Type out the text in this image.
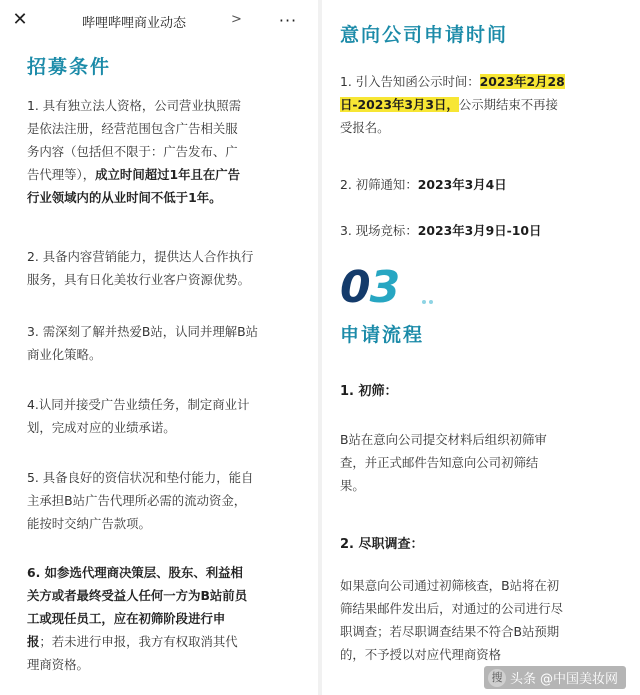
✕	哔哩哔哩商业动态	> ···
招募条件
1. 具有独立法人资格，公司营业执照需
是依法注册，经营范围包含广告相关服
务内容（包括但不限于：广告发布、广
告代理等），成立时间超过1年且在广告
行业领域内的从业时间不低于1年。
2. 具备内容营销能力，提供达人合作执行
服务，具有日化美妆行业客户资源优势。
3. 需深刻了解并热爱B站，认同并理解B站
商业化策略。
4.认同并接受广告业绩任务，制定商业计
划，完成对应的业绩承诺。
5. 具备良好的资信状况和垫付能力，能自
主承担B站广告代理所必需的流动资金，
能按时交纳广告款项。
6. 如参选代理商决策层、股东、利益相
关方或者最终受益人任何一方为B站前员
工或现任员工，应在初筛阶段进行申
报；若未进行申报，我方有权取消其代
理商资格。
意向公司申请时间
1. 引入告知函公示时间：2023年2月28
日-2023年3月3日，公示期结束不再接
受报名。
2. 初筛通知：2023年3月4日
3. 现场竞标：2023年3月9日-10日
03
申请流程
1. 初筛：
B站在意向公司提交材料后组织初筛审
查，并正式邮件告知意向公司初筛结
果。
2. 尽职调查：
如果意向公司通过初筛核查，B站将在初
筛结果邮件发出后，对通过的公司进行尽
职调查；若尽职调查结果不符合B站预期
的，不予授以对应代理商资格
搜 头条 @中国美妆网
